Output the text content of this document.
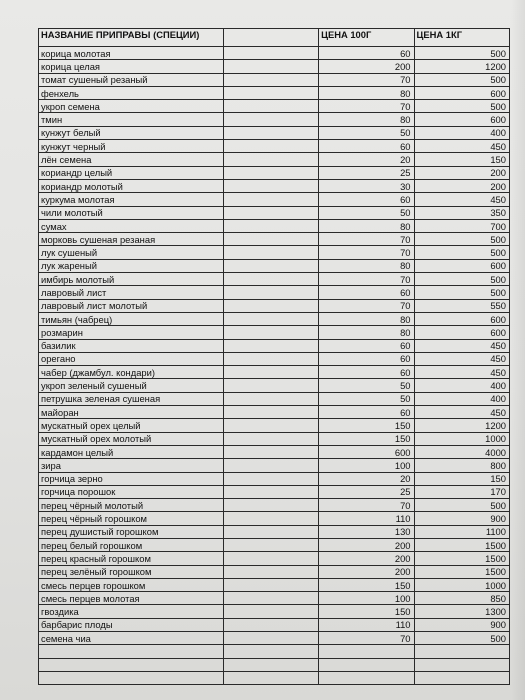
НАЗВАНИЕ ПРИПРАВЫ (СПЕЦИИ)		ЦЕНА 100Г	ЦЕНА 1КГ
корица молотая		60	500
корица целая		200	1200
томат сушеный резаный		70	500
фенхель		80	600
укроп семена		70	500
тмин		80	600
кунжут белый		50	400
кунжут черный		60	450
лён семена		20	150
кориандр целый		25	200
кориандр молотый		30	200
куркума молотая		60	450
чили молотый		50	350
сумах		80	700
морковь сушеная резаная		70	500
лук сушеный		70	500
лук жареный		80	600
имбирь молотый		70	500
лавровый лист		60	500
лавровый лист молотый		70	550
тимьян (чабрец)		80	600
розмарин		80	600
базилик		60	450
орегано		60	450
чабер (джамбул. кондари)		60	450
укроп зеленый сушеный		50	400
петрушка зеленая сушеная		50	400
майоран		60	450
мускатный орех целый		150	1200
мускатный орех молотый		150	1000
кардамон целый		600	4000
зира		100	800
горчица зерно		20	150
горчица порошок		25	170
перец чёрный молотый		70	500
перец чёрный горошком		110	900
перец душистый горошком		130	1100
перец белый горошком		200	1500
перец красный горошком		200	1500
перец зелёный горошком		200	1500
смесь перцев горошком		150	1000
смесь перцев молотая		100	850
гвоздика		150	1300
барбарис плоды		110	900
семена чиа		70	500
